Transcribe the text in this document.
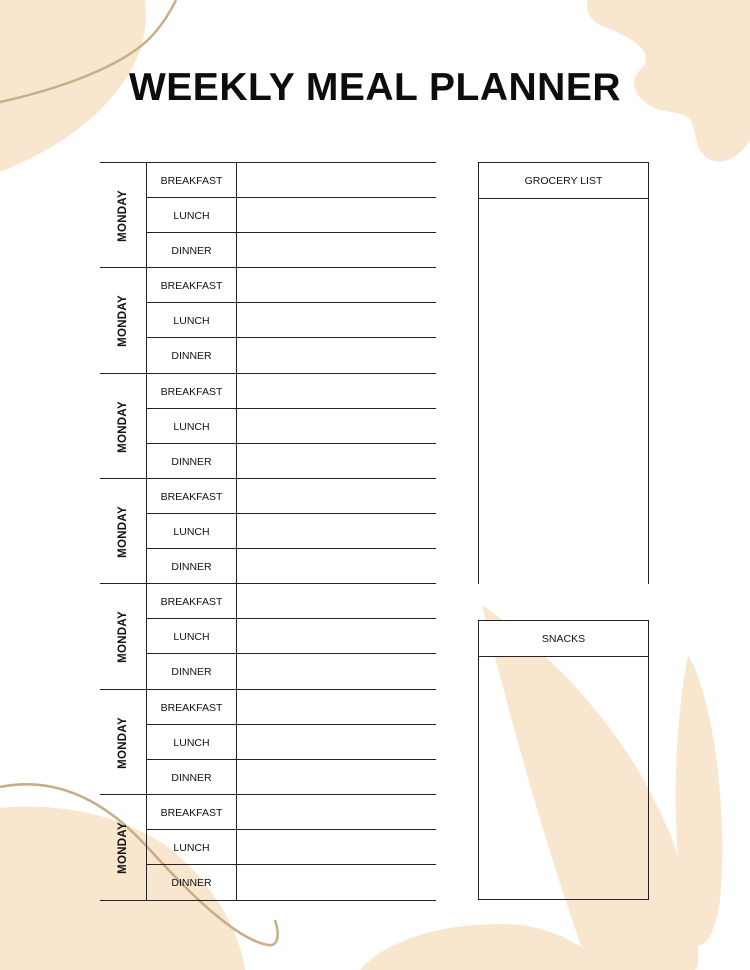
WEEKLY MEAL PLANNER
MONDAY
BREAKFAST
LUNCH
DINNER
MONDAY
BREAKFAST
LUNCH
DINNER
MONDAY
BREAKFAST
LUNCH
DINNER
MONDAY
BREAKFAST
LUNCH
DINNER
MONDAY
BREAKFAST
LUNCH
DINNER
MONDAY
BREAKFAST
LUNCH
DINNER
MONDAY
BREAKFAST
LUNCH
DINNER
GROCERY LIST
SNACKS
